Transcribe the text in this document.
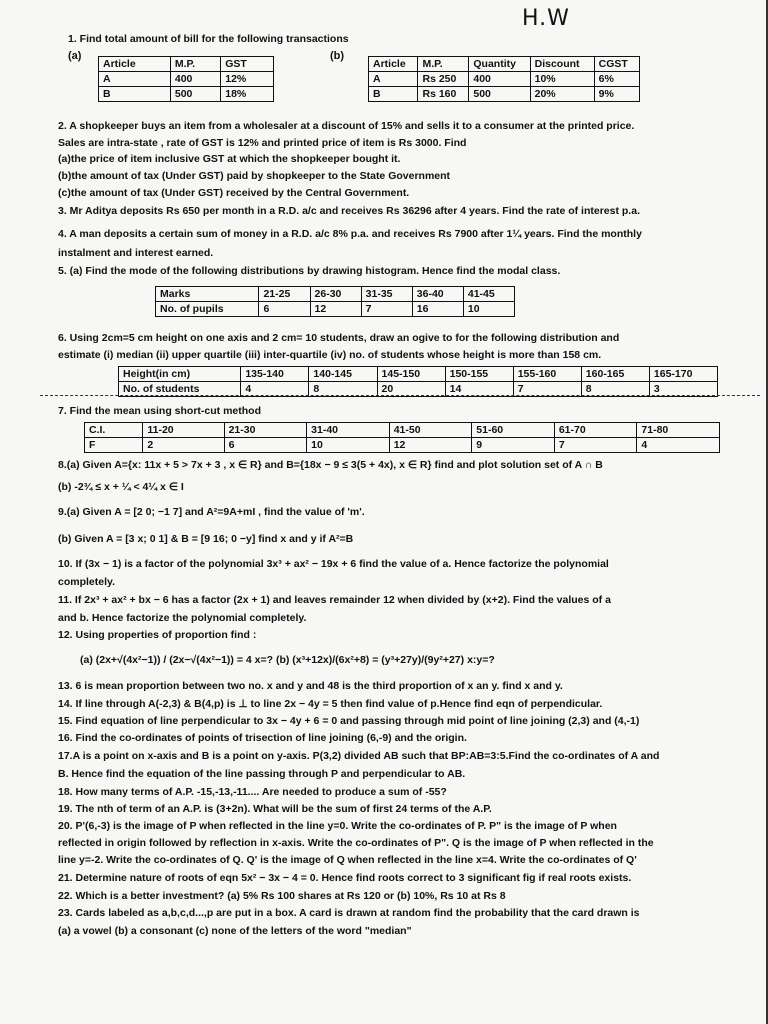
H.W
1. Find total amount of bill for the following transactions
(a)	(b)
Article	M.P.	GST
A	400	12%
B	500	18%
Article	M.P.	Quantity	Discount	CGST
A	Rs 250	400	10%	6%
B	Rs 160	500	20%	9%
2. A shopkeeper buys an item from a wholesaler at a discount of 15% and sells it to a consumer at the printed price.
Sales are intra-state , rate of GST is 12% and printed price of item is Rs 3000. Find
(a)the price of item inclusive GST at which the shopkeeper bought it.
(b)the amount of tax (Under GST) paid by shopkeeper to the State Government
(c)the amount of tax (Under GST) received by the Central Government.
3. Mr Aditya deposits Rs 650 per month in a R.D. a/c and receives Rs 36296 after 4 years. Find the rate of interest p.a.
4. A man deposits a certain sum of money in a R.D. a/c 8% p.a. and receives Rs 7900 after 1¼ years. Find the monthly
instalment and interest earned.
5. (a) Find the mode of the following distributions by drawing histogram. Hence find the modal class.
Marks	21-25	26-30	31-35	36-40	41-45
No. of pupils	6	12	7	16	10
6. Using 2cm=5 cm height on one axis and 2 cm= 10 students, draw an ogive to for the following distribution and
estimate (i) median (ii) upper quartile (iii) inter-quartile (iv) no. of students whose height is more than 158 cm.
Height(in cm)	135-140	140-145	145-150	150-155	155-160	160-165	165-170
No. of students	4	8	20	14	7	8	3
7. Find the mean using short-cut method
C.I.	11-20	21-30	31-40	41-50	51-60	61-70	71-80
F	2	6	10	12	9	7	4
8.(a) Given A={x: 11x + 5 > 7x + 3 , x ∈ R} and B={18x − 9 ≤ 3(5 + 4x), x ∈ R} find and plot solution set of A ∩ B
(b) -2¾ ≤ x + ¼ < 4¼ x ∈ I
9.(a) Given A = [2 0; −1 7] and A²=9A+mI , find the value of 'm'.
(b) Given A = [3 x; 0 1] & B = [9 16; 0 −y] find x and y if A²=B
10. If (3x − 1) is a factor of the polynomial 3x³ + ax² − 19x + 6 find the value of a. Hence factorize the polynomial
completely.
11. If 2x³ + ax² + bx − 6 has a factor (2x + 1) and leaves remainder 12 when divided by (x+2). Find the values of a
and b. Hence factorize the polynomial completely.
12. Using properties of proportion find :
(a) (2x+√(4x²−1)) / (2x−√(4x²−1)) = 4 x=? (b) (x³+12x)/(6x²+8) = (y³+27y)/(9y²+27) x:y=?
13. 6 is mean proportion between two no. x and y and 48 is the third proportion of x an y. find x and y.
14. If line through A(-2,3) & B(4,p) is ⊥ to line 2x − 4y = 5 then find value of p.Hence find eqn of perpendicular.
15. Find equation of line perpendicular to 3x − 4y + 6 = 0 and passing through mid point of line joining (2,3) and (4,-1)
16. Find the co-ordinates of points of trisection of line joining (6,-9) and the origin.
17.A is a point on x-axis and B is a point on y-axis. P(3,2) divided AB such that BP:AB=3:5.Find the co-ordinates of A and
B. Hence find the equation of the line passing through P and perpendicular to AB.
18. How many terms of A.P. -15,-13,-11.... Are needed to produce a sum of -55?
19. The nth of term of an A.P. is (3+2n). What will be the sum of first 24 terms of the A.P.
20. P'(6,-3) is the image of P when reflected in the line y=0. Write the co-ordinates of P. P" is the image of P when
reflected in origin followed by reflection in x-axis. Write the co-ordinates of P". Q is the image of P when reflected in the
line y=-2. Write the co-ordinates of Q. Q' is the image of Q when reflected in the line x=4. Write the co-ordinates of Q'
21. Determine nature of roots of eqn 5x² − 3x − 4 = 0. Hence find roots correct to 3 significant fig if real roots exists.
22. Which is a better investment? (a) 5% Rs 100 shares at Rs 120 or (b) 10%, Rs 10 at Rs 8
23. Cards labeled as a,b,c,d...,p are put in a box. A card is drawn at random find the probability that the card drawn is
(a) a vowel (b) a consonant (c) none of the letters of the word "median"
